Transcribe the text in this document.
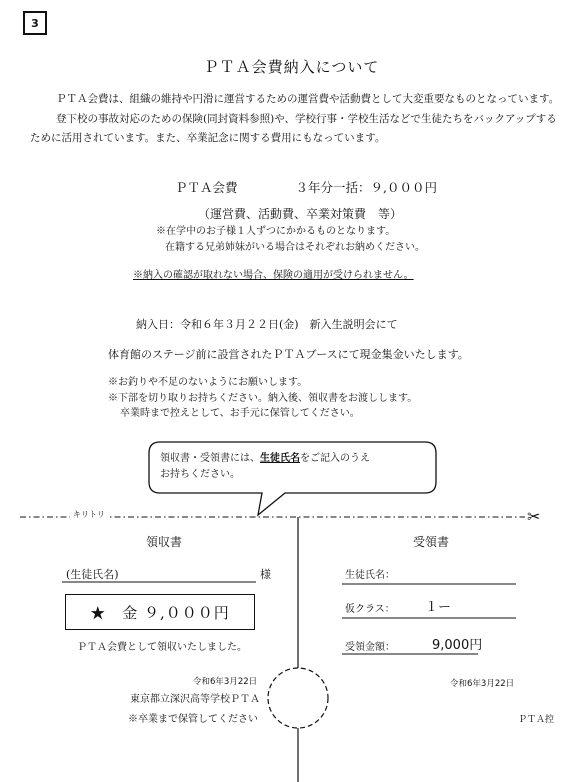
3
ＰＴＡ会費納入について

ＰＴＡ会費は、組織の維持や円滑に運営するための運営費や活動費として大変重要なものとなっています。

登下校の事故対応のための保険(同封資料参照)や、学校行事・学校生活などで生徒たちをバックアップする

ために活用されています。また、卒業記念に関する費用にもなっています。

ＰＴＡ会費	３年分一括：９,０００円
（運営費、活動費、卒業対策費　等）
※在学中のお子様１人ずつにかかるものとなります。
在籍する兄弟姉妹がいる場合はそれぞれお納めください。
※納入の確認が取れない場合、保険の適用が受けられません。
納入日：令和６年３月２２日(金)　新入生説明会にて
体育館のステージ前に設営されたＰＴＡブースにて現金集金いたします。
※お釣りや不足のないようにお願いします。
※下部を切り取りお持ちください。納入後、領収書をお渡しします。
卒業時まで控えとして、お手元に保管してください。
領収書・受領書には、生徒氏名をご記入のうえ
お持ちください。
キリトリ	✂
領収書
(生徒氏名)	様
★　金 ９,０００円
ＰＴＡ会費として領収いたしました。
令和6年3月22日
東京都立深沢高等学校ＰＴＡ
※卒業まで保管してください
受領書
生徒氏名：
仮クラス： １ー
受領金額：	9,000円
令和6年3月22日
ＰＴＡ控
